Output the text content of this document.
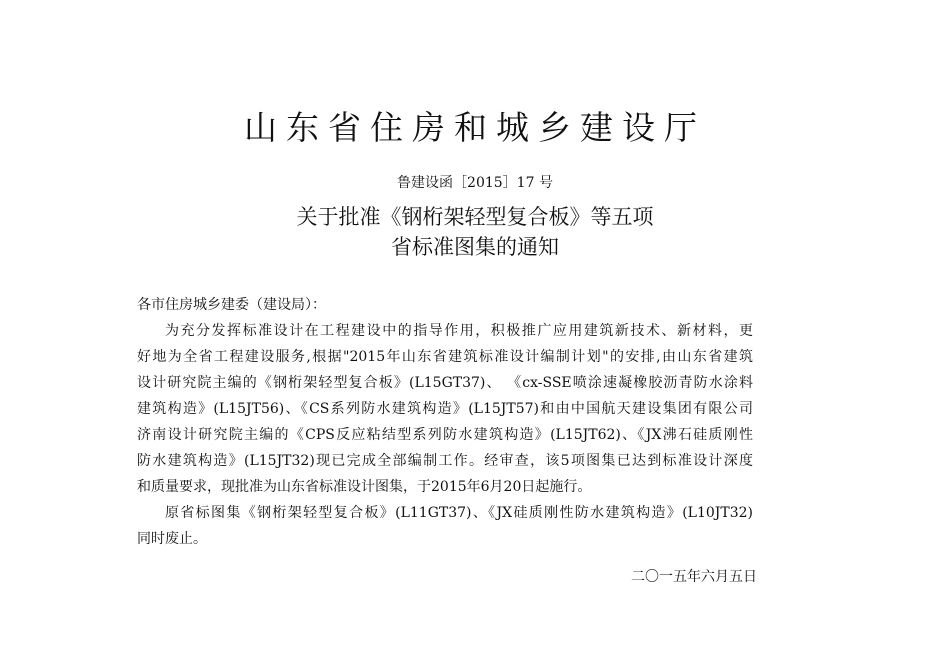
山东省住房和城乡建设厅
鲁建设函［2015］17 号
关于批准《钢桁架轻型复合板》等五项
省标准图集的通知
各市住房城乡建委（建设局）：
为充分发挥标准设计在工程建设中的指导作用，积极推广应用建筑新技术、新材料，更
好地为全省工程建设服务,根据"2015年山东省建筑标准设计编制计划"的安排,由山东省建筑
设计研究院主编的《钢桁架轻型复合板》(L15GT37)、 《cx-SSE喷涂速凝橡胶沥青防水涂料
建筑构造》(L15JT56)、《CS系列防水建筑构造》(L15JT57)和由中国航天建设集团有限公司
济南设计研究院主编的《CPS反应粘结型系列防水建筑构造》(L15JT62)、《JX沸石硅质刚性
防水建筑构造》(L15JT32)现已完成全部编制工作。经审查，该5项图集已达到标准设计深度
和质量要求，现批准为山东省标准设计图集，于2015年6月20日起施行。
原省标图集《钢桁架轻型复合板》(L11GT37)、《JX硅质刚性防水建筑构造》(L10JT32)
同时废止。
二〇一五年六月五日
